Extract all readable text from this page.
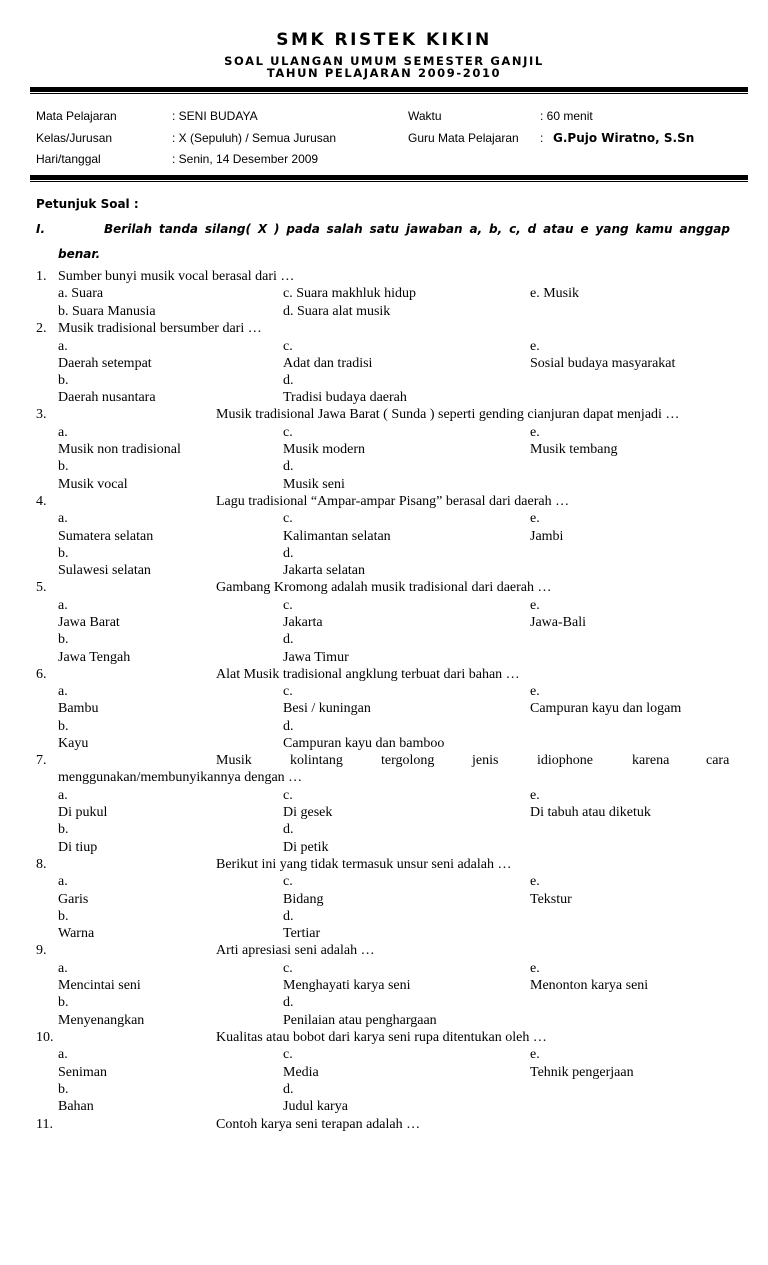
SMK RISTEK KIKIN
SOAL ULANGAN UMUM SEMESTER GANJIL
TAHUN PELAJARAN 2009-2010
Mata Pelajaran	: SENI BUDAYA	Waktu	: 60 menit
Kelas/Jurusan	: X (Sepuluh) / Semua Jurusan	Guru Mata Pelajaran : G.Pujo Wiratno, S.Sn
Hari/tanggal	: Senin, 14 Desember 2009
Petunjuk Soal :
I.	Berilah tanda silang( X ) pada salah satu jawaban a, b, c, d atau e yang kamu anggap
benar.
1. Sumber bunyi musik vocal berasal dari …
a. Suara	c. Suara makhluk hidup	e. Musik
b. Suara Manusia	d. Suara alat musik
2. Musik tradisional bersumber dari …
a.	c.	e.
Daerah setempat	Adat dan tradisi	Sosial budaya masyarakat
b.	d.
Daerah nusantara	Tradisi budaya daerah
3.	Musik tradisional Jawa Barat ( Sunda ) seperti gending cianjuran dapat menjadi …
a.	c.	e.
Musik non tradisional	Musik modern	Musik tembang
b.	d.
Musik vocal	Musik seni
4.	Lagu tradisional “Ampar-ampar Pisang” berasal dari daerah …
a.	c.	e.
Sumatera selatan	Kalimantan selatan	Jambi
b.	d.
Sulawesi selatan	Jakarta selatan
5.	Gambang Kromong adalah musik tradisional dari daerah …
a.	c.	e.
Jawa Barat	Jakarta	Jawa-Bali
b.	d.
Jawa Tengah	Jawa Timur
6.	Alat Musik tradisional angklung terbuat dari bahan …
a.	c.	e.
Bambu	Besi / kuningan	Campuran kayu dan logam
b.	d.
Kayu	Campuran kayu dan bamboo
7.	Musik	kolintang	tergolong	jenis	idiophone	karena	cara
menggunakan/membunyikannya dengan …
a.	c.	e.
Di pukul	Di gesek	Di tabuh atau diketuk
b.	d.
Di tiup	Di petik
8.	Berikut ini yang tidak termasuk unsur seni adalah …
a.	c.	e.
Garis	Bidang	Tekstur
b.	d.
Warna	Tertiar
9.	Arti apresiasi seni adalah …
a.	c.	e.
Mencintai seni	Menghayati karya seni	Menonton karya seni
b.	d.
Menyenangkan	Penilaian atau penghargaan
10.	Kualitas atau bobot dari karya seni rupa ditentukan oleh …
a.	c.	e.
Seniman	Media	Tehnik pengerjaan
b.	d.
Bahan	Judul karya
11.	Contoh karya seni terapan adalah …
